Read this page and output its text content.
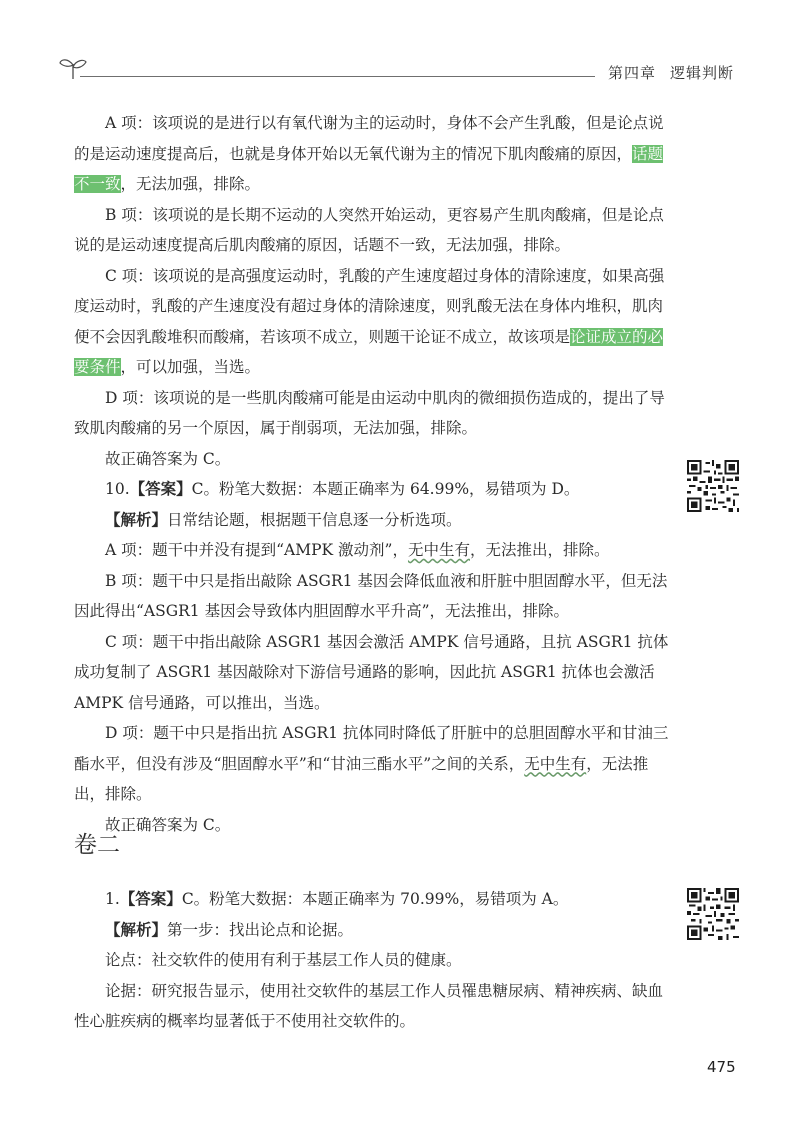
第四章 逻辑判断

A 项：该项说的是进行以有氧代谢为主的运动时，身体不会产生乳酸，但是论点说的是运动速度提高后，也就是身体开始以无氧代谢为主的情况下肌肉酸痛的原因，话题不一致，无法加强，排除。

B 项：该项说的是长期不运动的人突然开始运动，更容易产生肌肉酸痛，但是论点说的是运动速度提高后肌肉酸痛的原因，话题不一致，无法加强，排除。

C 项：该项说的是高强度运动时，乳酸的产生速度超过身体的清除速度，如果高强度运动时，乳酸的产生速度没有超过身体的清除速度，则乳酸无法在身体内堆积，肌肉便不会因乳酸堆积而酸痛，若该项不成立，则题干论证不成立，故该项是论证成立的必要条件，可以加强，当选。

D 项：该项说的是一些肌肉酸痛可能是由运动中肌肉的微细损伤造成的，提出了导致肌肉酸痛的另一个原因，属于削弱项，无法加强，排除。

故正确答案为 C。

10.【答案】C。粉笔大数据：本题正确率为 64.99%，易错项为 D。

【解析】日常结论题，根据题干信息逐一分析选项。

A 项：题干中并没有提到“AMPK 激动剂”，无中生有，无法推出，排除。

B 项：题干中只是指出敲除 ASGR1 基因会降低血液和肝脏中胆固醇水平，但无法因此得出“ASGR1 基因会导致体内胆固醇水平升高”，无法推出，排除。

C 项：题干中指出敲除 ASGR1 基因会激活 AMPK 信号通路，且抗 ASGR1 抗体成功复制了 ASGR1 基因敲除对下游信号通路的影响，因此抗 ASGR1 抗体也会激活 AMPK 信号通路，可以推出，当选。

D 项：题干中只是指出抗 ASGR1 抗体同时降低了肝脏中的总胆固醇水平和甘油三酯水平，但没有涉及“胆固醇水平”和“甘油三酯水平”之间的关系，无中生有，无法推出，排除。

故正确答案为 C。

卷二

1.【答案】C。粉笔大数据：本题正确率为 70.99%，易错项为 A。

【解析】第一步：找出论点和论据。

论点：社交软件的使用有利于基层工作人员的健康。

论据：研究报告显示，使用社交软件的基层工作人员罹患糖尿病、精神疾病、缺血性心脏疾病的概率均显著低于不使用社交软件的。

475
